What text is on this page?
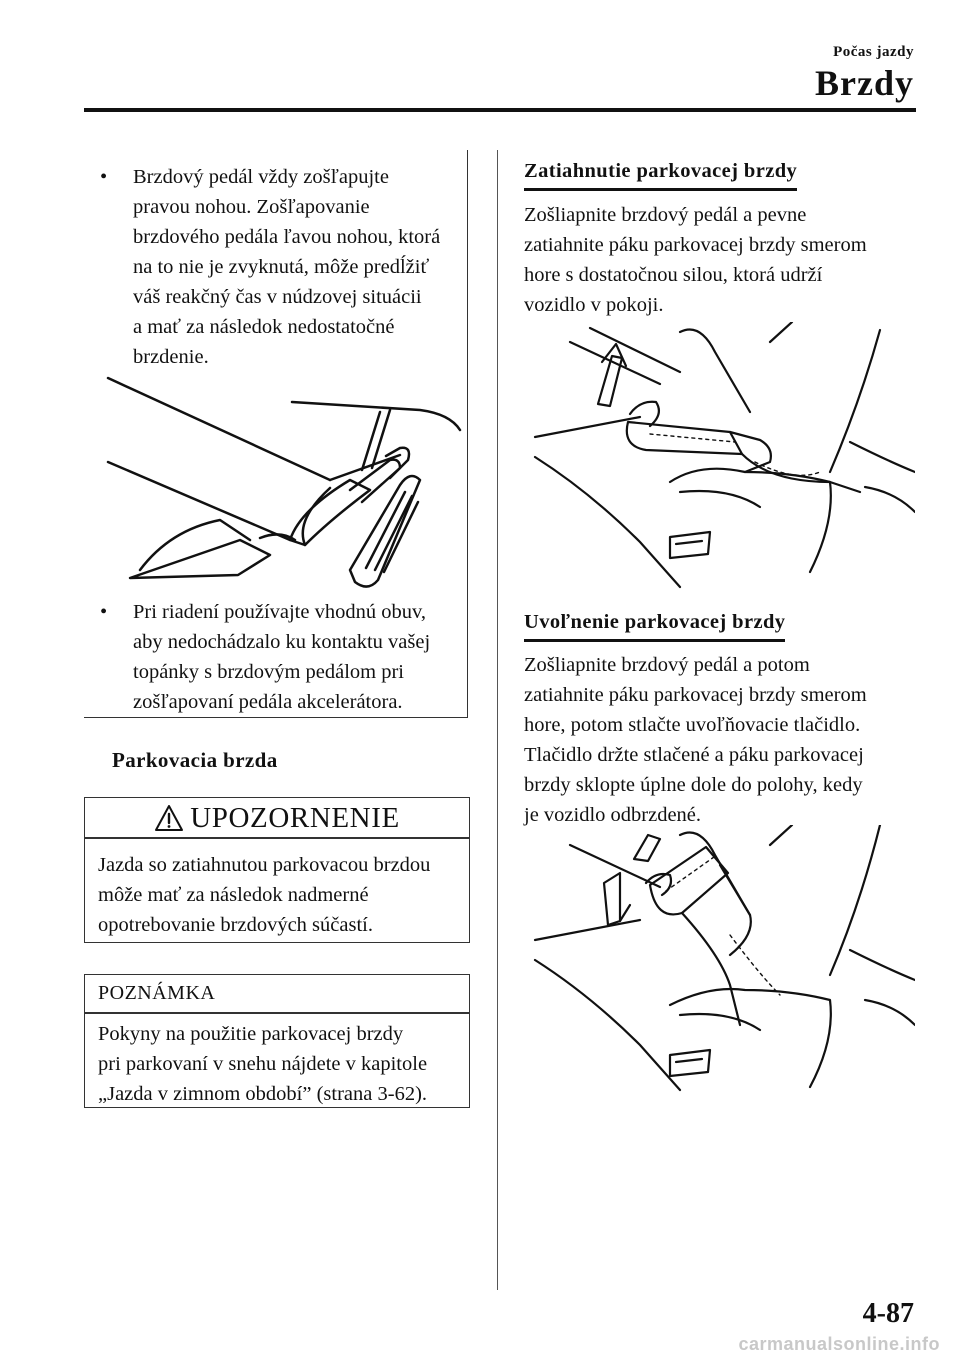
Počas jazdy
Brzdy
•	Brzdový pedál vždy zošľapujte
pravou nohou. Zošľapovanie
brzdového pedála ľavou nohou, ktorá
na to nie je zvyknutá, môže predĺžiť
váš reakčný čas v núdzovej situácii
a mať za následok nedostatočné
brzdenie.
•	Pri riadení používajte vhodnú obuv,
aby nedochádzalo ku kontaktu vašej
topánky s brzdovým pedálom pri
zošľapovaní pedála akcelerátora.
Parkovacia brzda
UPOZORNENIE
Jazda so zatiahnutou parkovacou brzdou
môže mať za následok nadmerné
opotrebovanie brzdových súčastí.
POZNÁMKA
Pokyny na použitie parkovacej brzdy
pri parkovaní v snehu nájdete v kapitole
„Jazda v zimnom období” (strana 3-62).
Zatiahnutie parkovacej brzdy
Zošliapnite brzdový pedál a pevne
zatiahnite páku parkovacej brzdy smerom
hore s dostatočnou silou, ktorá udrží
vozidlo v pokoji.
Uvoľnenie parkovacej brzdy
Zošliapnite brzdový pedál a potom
zatiahnite páku parkovacej brzdy smerom
hore, potom stlačte uvoľňovacie tlačidlo.
Tlačidlo držte stlačené a páku parkovacej
brzdy sklopte úplne dole do polohy, kedy
je vozidlo odbrzdené.
4-87
carmanualsonline.info
